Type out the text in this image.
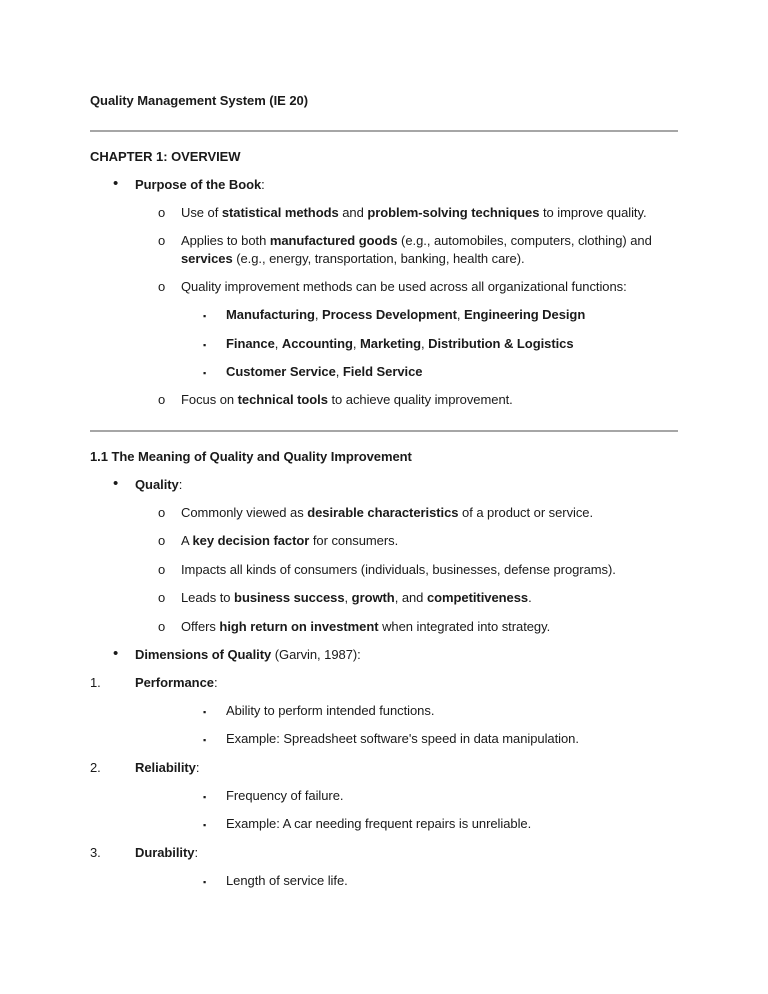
Quality Management System (IE 20)
CHAPTER 1: OVERVIEW
• Purpose of the Book:
o Use of statistical methods and problem-solving techniques to improve quality.
o Applies to both manufactured goods (e.g., automobiles, computers, clothing) and
services (e.g., energy, transportation, banking, health care).
o Quality improvement methods can be used across all organizational functions:
▪ Manufacturing, Process Development, Engineering Design
▪ Finance, Accounting, Marketing, Distribution & Logistics
▪ Customer Service, Field Service
o Focus on technical tools to achieve quality improvement.
1.1 The Meaning of Quality and Quality Improvement
• Quality:
o Commonly viewed as desirable characteristics of a product or service.
o A key decision factor for consumers.
o Impacts all kinds of consumers (individuals, businesses, defense programs).
o Leads to business success, growth, and competitiveness.
o Offers high return on investment when integrated into strategy.
• Dimensions of Quality (Garvin, 1987):
1.	Performance:
▪ Ability to perform intended functions.
▪ Example: Spreadsheet software's speed in data manipulation.
2.	Reliability:
▪ Frequency of failure.
▪ Example: A car needing frequent repairs is unreliable.
3.	Durability:
▪ Length of service life.
